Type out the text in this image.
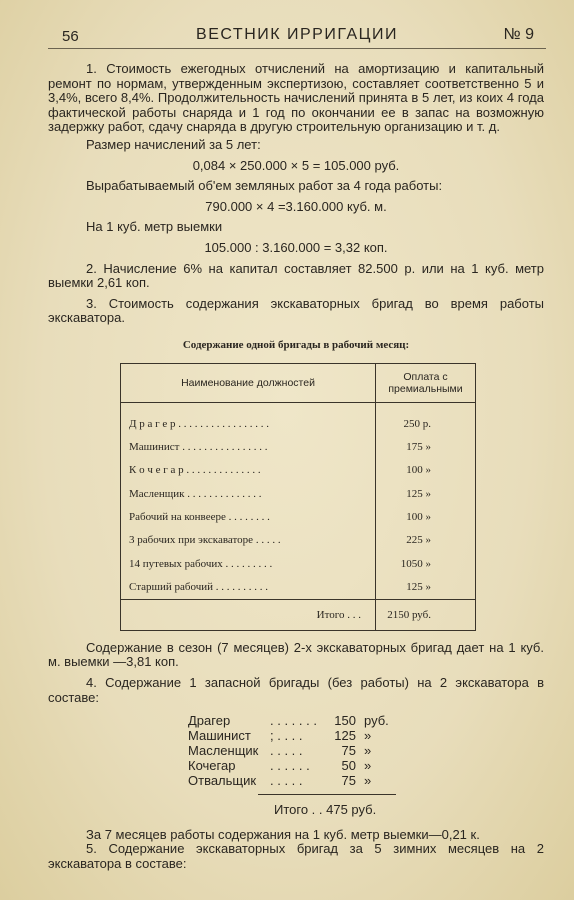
56	ВЕСТНИК ИРРИГАЦИИ	№ 9

1. Стоимость ежегодных отчислений на амортизацию и капитальный ремонт по нормам, утвержденным экспертизою, составляет соответственно 5 и 3,4%, всего 8,4%. Продолжительность начислений принята в 5 лет, из коих 4 года фактической работы снаряда и 1 год по окончании ее в запас на возможную задержку работ, сдачу снаряда в другую строительную организацию и т. д.

Размер начислений за 5 лет:

0,084 × 250.000 × 5 = 105.000 руб.

Вырабатываемый об'ем земляных работ за 4 года работы:

790.000 × 4 =3.160.000 куб. м.

На 1 куб. метр выемки

105.000 : 3.160.000 = 3,32 коп.

2. Начисление 6% на капитал составляет 82.500 р. или на 1 куб. метр выемки 2,61 коп.

3. Стоимость содержания экскаваторных бригад во время работы экскаватора.

Содержание одной бригады в рабочий месяц:
Наименование должностей	Оплата с премиальными
Д р а г е р . . . . . . . . . . . . . . . . .	250 р.
Машинист . . . . . . . . . . . . . . . .	175 »
К о ч е г а р . . . . . . . . . . . . . .	100 »
Масленщик . . . . . . . . . . . . . .	125 »
Рабочий на конвеере . . . . . . . .	100 »
3 рабочих при экскаваторе . . . . .	225 »
14 путевых рабочих . . . . . . . . .	1050 »
Старший рабочий . . . . . . . . . .	125 »
Итого . . .	2150 руб.

Содержание в сезон (7 месяцев) 2-х экскаваторных бригад дает на 1 куб. м. выемки —3,81 коп.

4. Содержание 1 запасной бригады (без работы) на 2 экскаватора в составе:

Драгер	. . . . . . .	150 руб.
Машинист	; . . . .	125 »
Масленщик . . . . .	75 »
Кочегар	. . . . . .	50 »
Отвальщик	. . . . .	75 »
Итого . . 475 руб.

За 7 месяцев работы содержания на 1 куб. метр выемки—0,21 к.

5. Содержание экскаваторных бригад за 5 зимних месяцев на 2 экскаватора в составе:
